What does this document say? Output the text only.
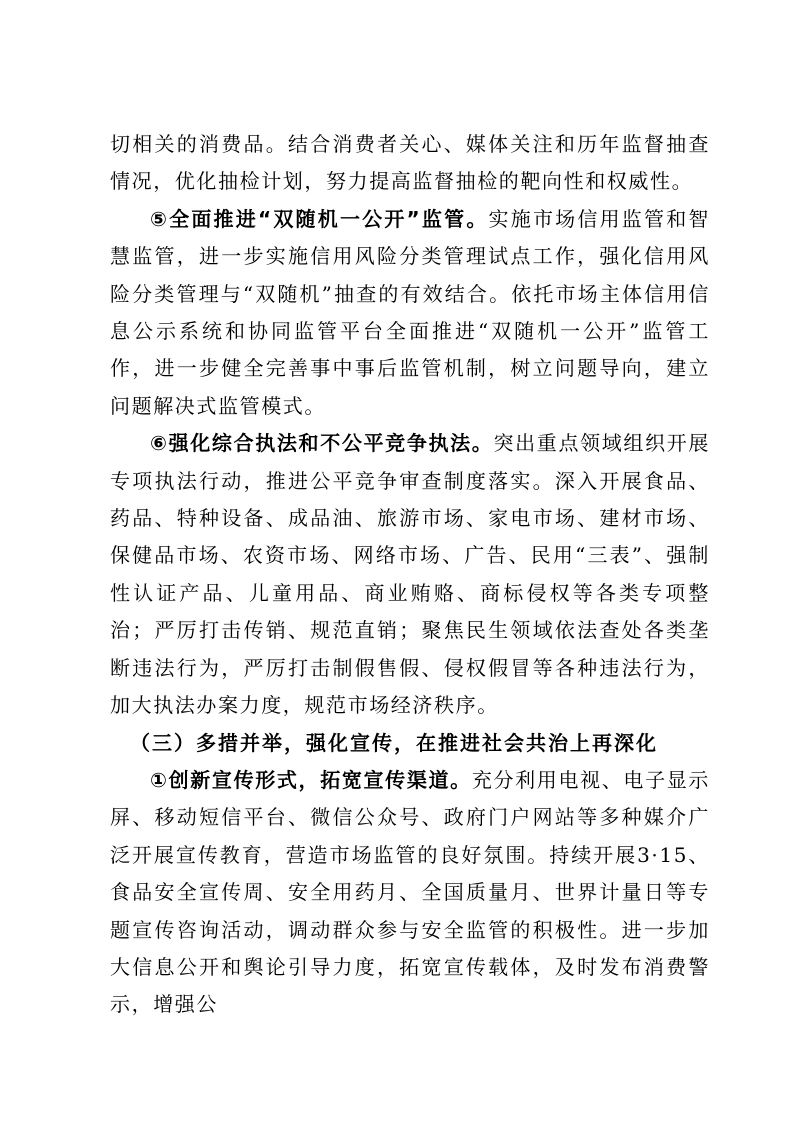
切相关的消费品。结合消费者关心、媒体关注和历年监督抽查情况，优化抽检计划，努力提高监督抽检的靶向性和权威性。

⑤全面推进“双随机一公开”监管。实施市场信用监管和智慧监管，进一步实施信用风险分类管理试点工作，强化信用风险分类管理与“双随机”抽查的有效结合。依托市场主体信用信息公示系统和协同监管平台全面推进“双随机一公开”监管工作，进一步健全完善事中事后监管机制，树立问题导向，建立问题解决式监管模式。

⑥强化综合执法和不公平竞争执法。突出重点领域组织开展专项执法行动，推进公平竞争审查制度落实。深入开展食品、药品、特种设备、成品油、旅游市场、家电市场、建材市场、保健品市场、农资市场、网络市场、广告、民用“三表”、强制性认证产品、儿童用品、商业贿赂、商标侵权等各类专项整治；严厉打击传销、规范直销；聚焦民生领域依法查处各类垄断违法行为，严厉打击制假售假、侵权假冒等各种违法行为，加大执法办案力度，规范市场经济秩序。

（三）多措并举，强化宣传，在推进社会共治上再深化

①创新宣传形式，拓宽宣传渠道。充分利用电视、电子显示屏、移动短信平台、微信公众号、政府门户网站等多种媒介广泛开展宣传教育，营造市场监管的良好氛围。持续开展3·15、食品安全宣传周、安全用药月、全国质量月、世界计量日等专题宣传咨询活动，调动群众参与安全监管的积极性。进一步加大信息公开和舆论引导力度，拓宽宣传载体，及时发布消费警示，增强公
